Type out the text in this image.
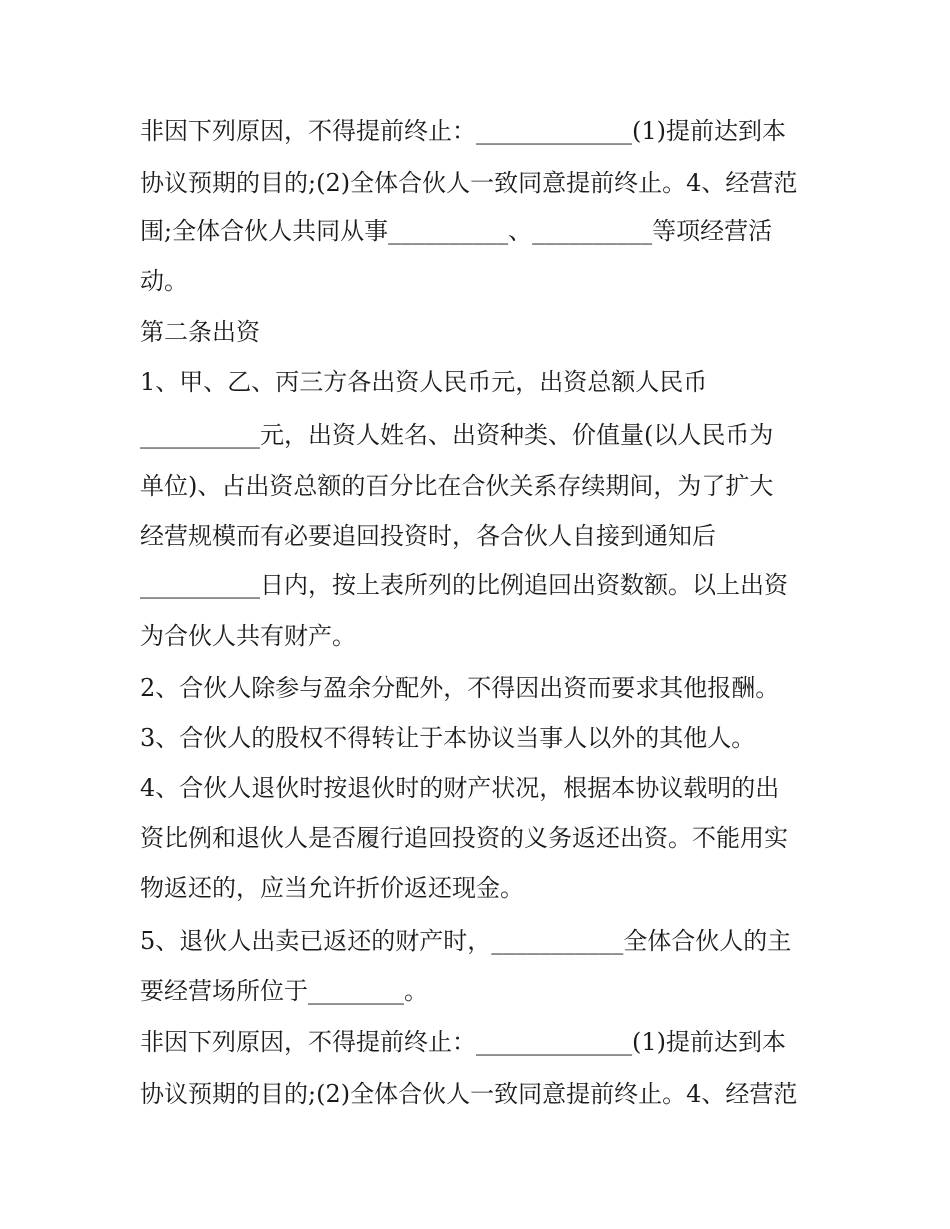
非因下列原因，不得提前终止：_____________(1)提前达到本

协议预期的目的;(2)全体合伙人一致同意提前终止。4、经营范

围;全体合伙人共同从事__________、__________等项经营活

动。

第二条出资

1、甲、乙、丙三方各出资人民币元，出资总额人民币

__________元，出资人姓名、出资种类、价值量(以人民币为

单位)、占出资总额的百分比在合伙关系存续期间，为了扩大

经营规模而有必要追回投资时，各合伙人自接到通知后

__________日内，按上表所列的比例追回出资数额。以上出资

为合伙人共有财产。

2、合伙人除参与盈余分配外，不得因出资而要求其他报酬。

3、合伙人的股权不得转让于本协议当事人以外的其他人。

4、合伙人退伙时按退伙时的财产状况，根据本协议载明的出

资比例和退伙人是否履行追回投资的义务返还出资。不能用实

物返还的，应当允许折价返还现金。

5、退伙人出卖已返还的财产时，___________全体合伙人的主

要经营场所位于________。

非因下列原因，不得提前终止：_____________(1)提前达到本

协议预期的目的;(2)全体合伙人一致同意提前终止。4、经营范
